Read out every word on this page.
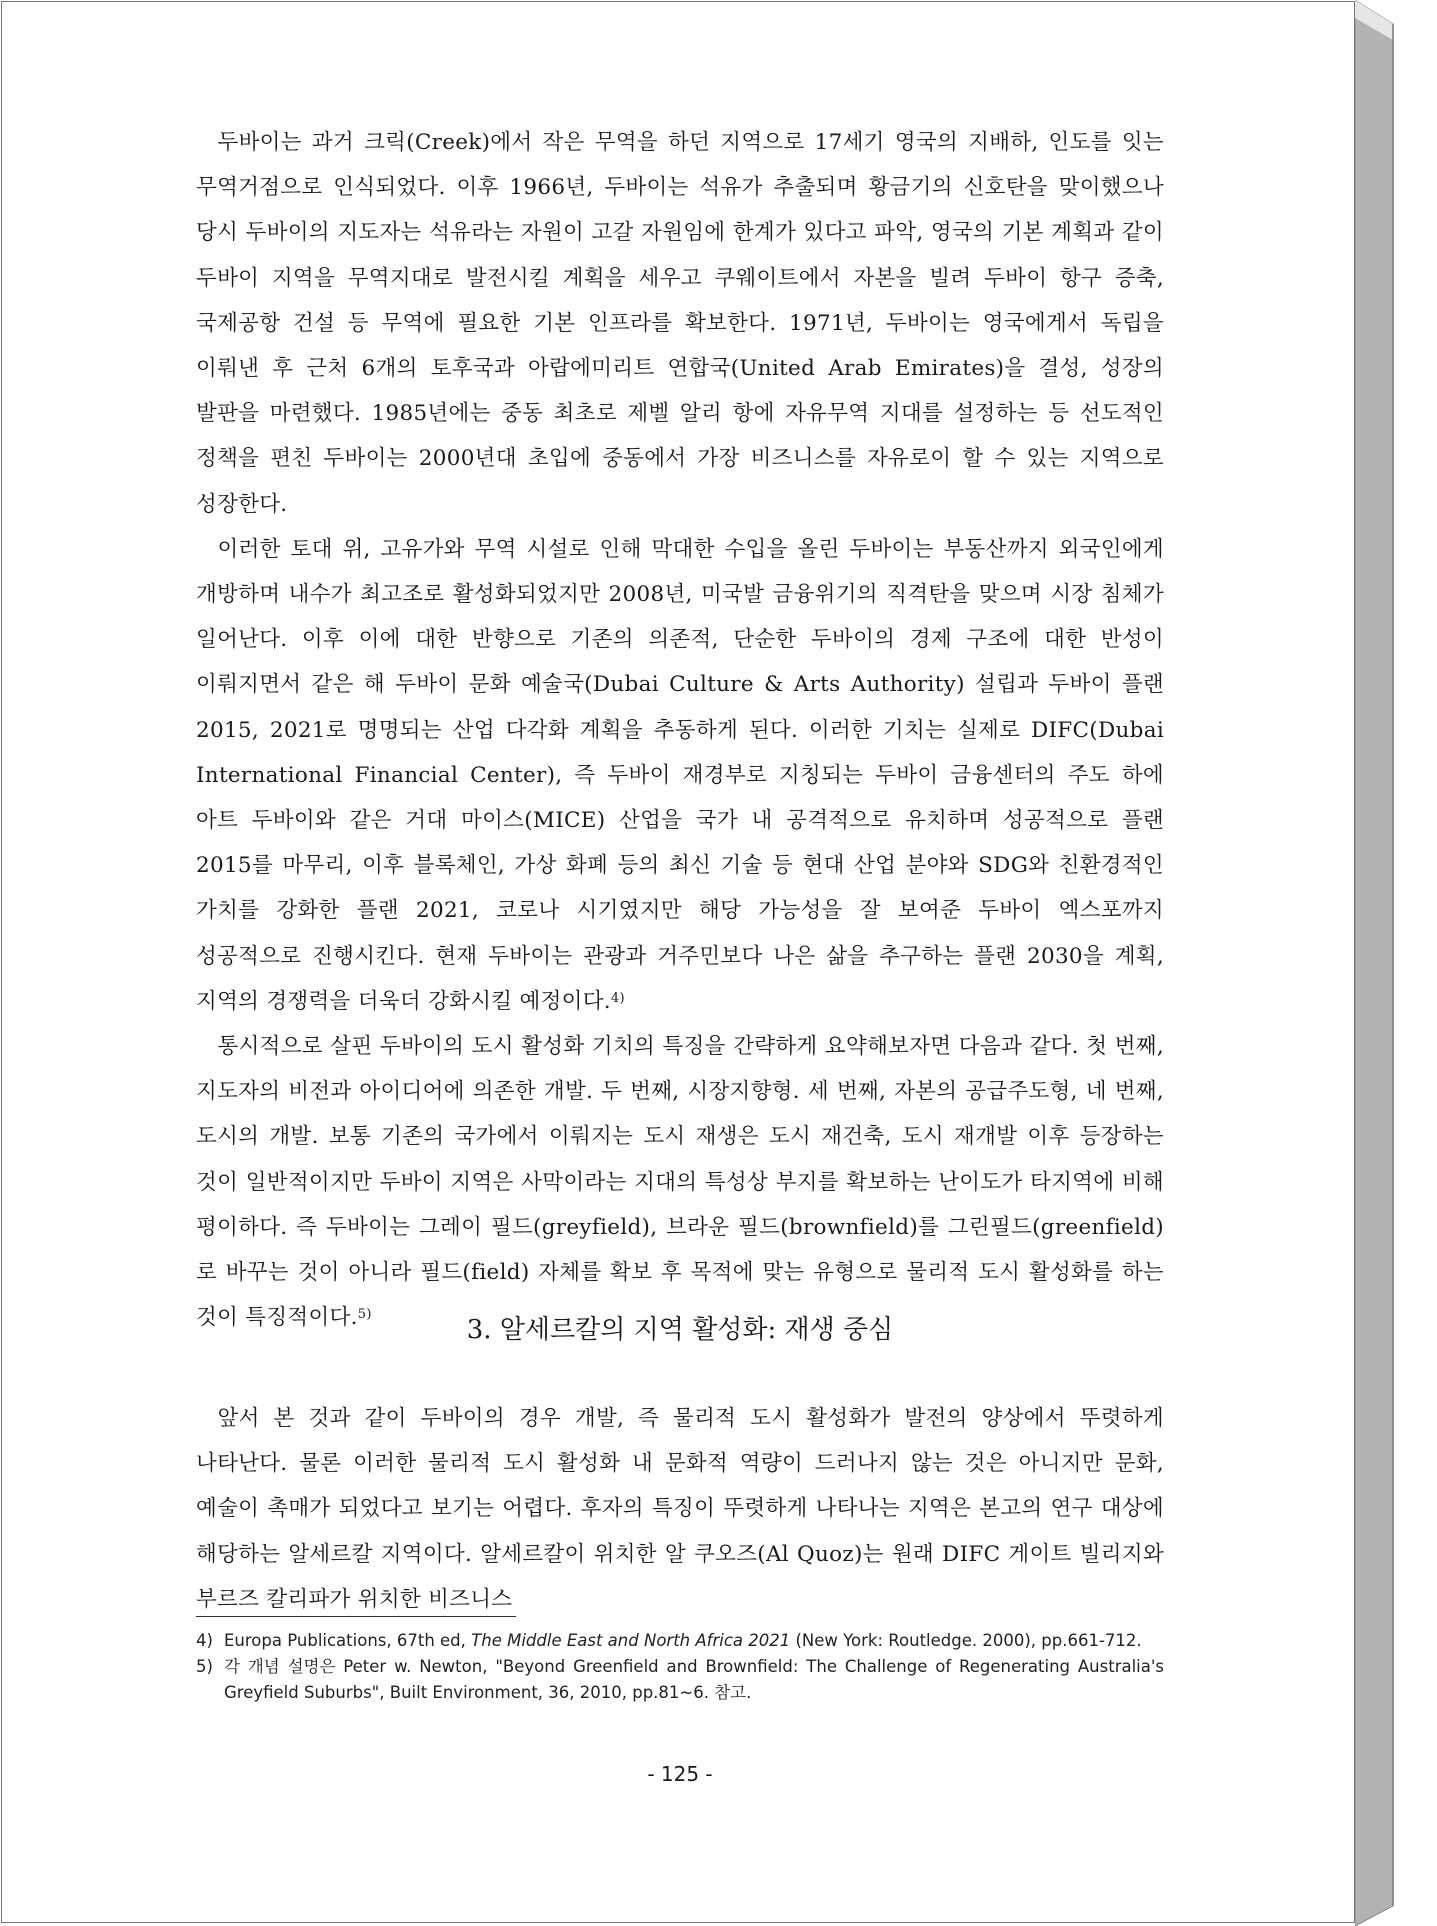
두바이는 과거 크릭(Creek)에서 작은 무역을 하던 지역으로 17세기 영국의 지배하, 인도를 잇는 무역거점으로 인식되었다. 이후 1966년, 두바이는 석유가 추출되며 황금기의 신호탄을 맞이했으나 당시 두바이의 지도자는 석유라는 자원이 고갈 자원임에 한계가 있다고 파악, 영국의 기본 계획과 같이 두바이 지역을 무역지대로 발전시킬 계획을 세우고 쿠웨이트에서 자본을 빌려 두바이 항구 증축, 국제공항 건설 등 무역에 필요한 기본 인프라를 확보한다. 1971년, 두바이는 영국에게서 독립을 이뤄낸 후 근처 6개의 토후국과 아랍에미리트 연합국(United Arab Emirates)을 결성, 성장의 발판을 마련했다. 1985년에는 중동 최초로 제벨 알리 항에 자유무역 지대를 설정하는 등 선도적인 정책을 편친 두바이는 2000년대 초입에 중동에서 가장 비즈니스를 자유로이 할 수 있는 지역으로 성장한다.

이러한 토대 위, 고유가와 무역 시설로 인해 막대한 수입을 올린 두바이는 부동산까지 외국인에게 개방하며 내수가 최고조로 활성화되었지만 2008년, 미국발 금융위기의 직격탄을 맞으며 시장 침체가 일어난다. 이후 이에 대한 반향으로 기존의 의존적, 단순한 두바이의 경제 구조에 대한 반성이 이뤄지면서 같은 해 두바이 문화 예술국(Dubai Culture & Arts Authority) 설립과 두바이 플랜 2015, 2021로 명명되는 산업 다각화 계획을 추동하게 된다. 이러한 기치는 실제로 DIFC(Dubai International Financial Center), 즉 두바이 재경부로 지칭되는 두바이 금융센터의 주도 하에 아트 두바이와 같은 거대 마이스(MICE) 산업을 국가 내 공격적으로 유치하며 성공적으로 플랜 2015를 마무리, 이후 블록체인, 가상 화폐 등의 최신 기술 등 현대 산업 분야와 SDG와 친환경적인 가치를 강화한 플랜 2021, 코로나 시기였지만 해당 가능성을 잘 보여준 두바이 엑스포까지 성공적으로 진행시킨다. 현재 두바이는 관광과 거주민보다 나은 삶을 추구하는 플랜 2030을 계획, 지역의 경쟁력을 더욱더 강화시킬 예정이다.$^{4)}$

통시적으로 살핀 두바이의 도시 활성화 기치의 특징을 간략하게 요약해보자면 다음과 같다. 첫 번째, 지도자의 비전과 아이디어에 의존한 개발. 두 번째, 시장지향형. 세 번째, 자본의 공급주도형, 네 번째, 도시의 개발. 보통 기존의 국가에서 이뤄지는 도시 재생은 도시 재건축, 도시 재개발 이후 등장하는 것이 일반적이지만 두바이 지역은 사막이라는 지대의 특성상 부지를 확보하는 난이도가 타지역에 비해 평이하다. 즉 두바이는 그레이 필드(greyfield), 브라운 필드(brownfield)를 그린필드(greenfield)로 바꾸는 것이 아니라 필드(field) 자체를 확보 후 목적에 맞는 유형으로 물리적 도시 활성화를 하는 것이 특징적이다.$^{5)}$

3. 알세르칼의 지역 활성화: 재생 중심

앞서 본 것과 같이 두바이의 경우 개발, 즉 물리적 도시 활성화가 발전의 양상에서 뚜렷하게 나타난다. 물론 이러한 물리적 도시 활성화 내 문화적 역량이 드러나지 않는 것은 아니지만 문화, 예술이 촉매가 되었다고 보기는 어렵다. 후자의 특징이 뚜렷하게 나타나는 지역은 본고의 연구 대상에 해당하는 알세르칼 지역이다. 알세르칼이 위치한 알 쿠오즈(Al Quoz)는 원래 DIFC 게이트 빌리지와 부르즈 칼리파가 위치한 비즈니스

4) Europa Publications, 67th ed, The Middle East and North Africa 2021 (New York: Routledge. 2000), pp.661-712.
5) 각 개념 설명은 Peter w. Newton, "Beyond Greenfield and Brownfield: The Challenge of Regenerating Australia's Greyfield Suburbs", Built Environment, 36, 2010, pp.81~6. 참고.
- 125 -
